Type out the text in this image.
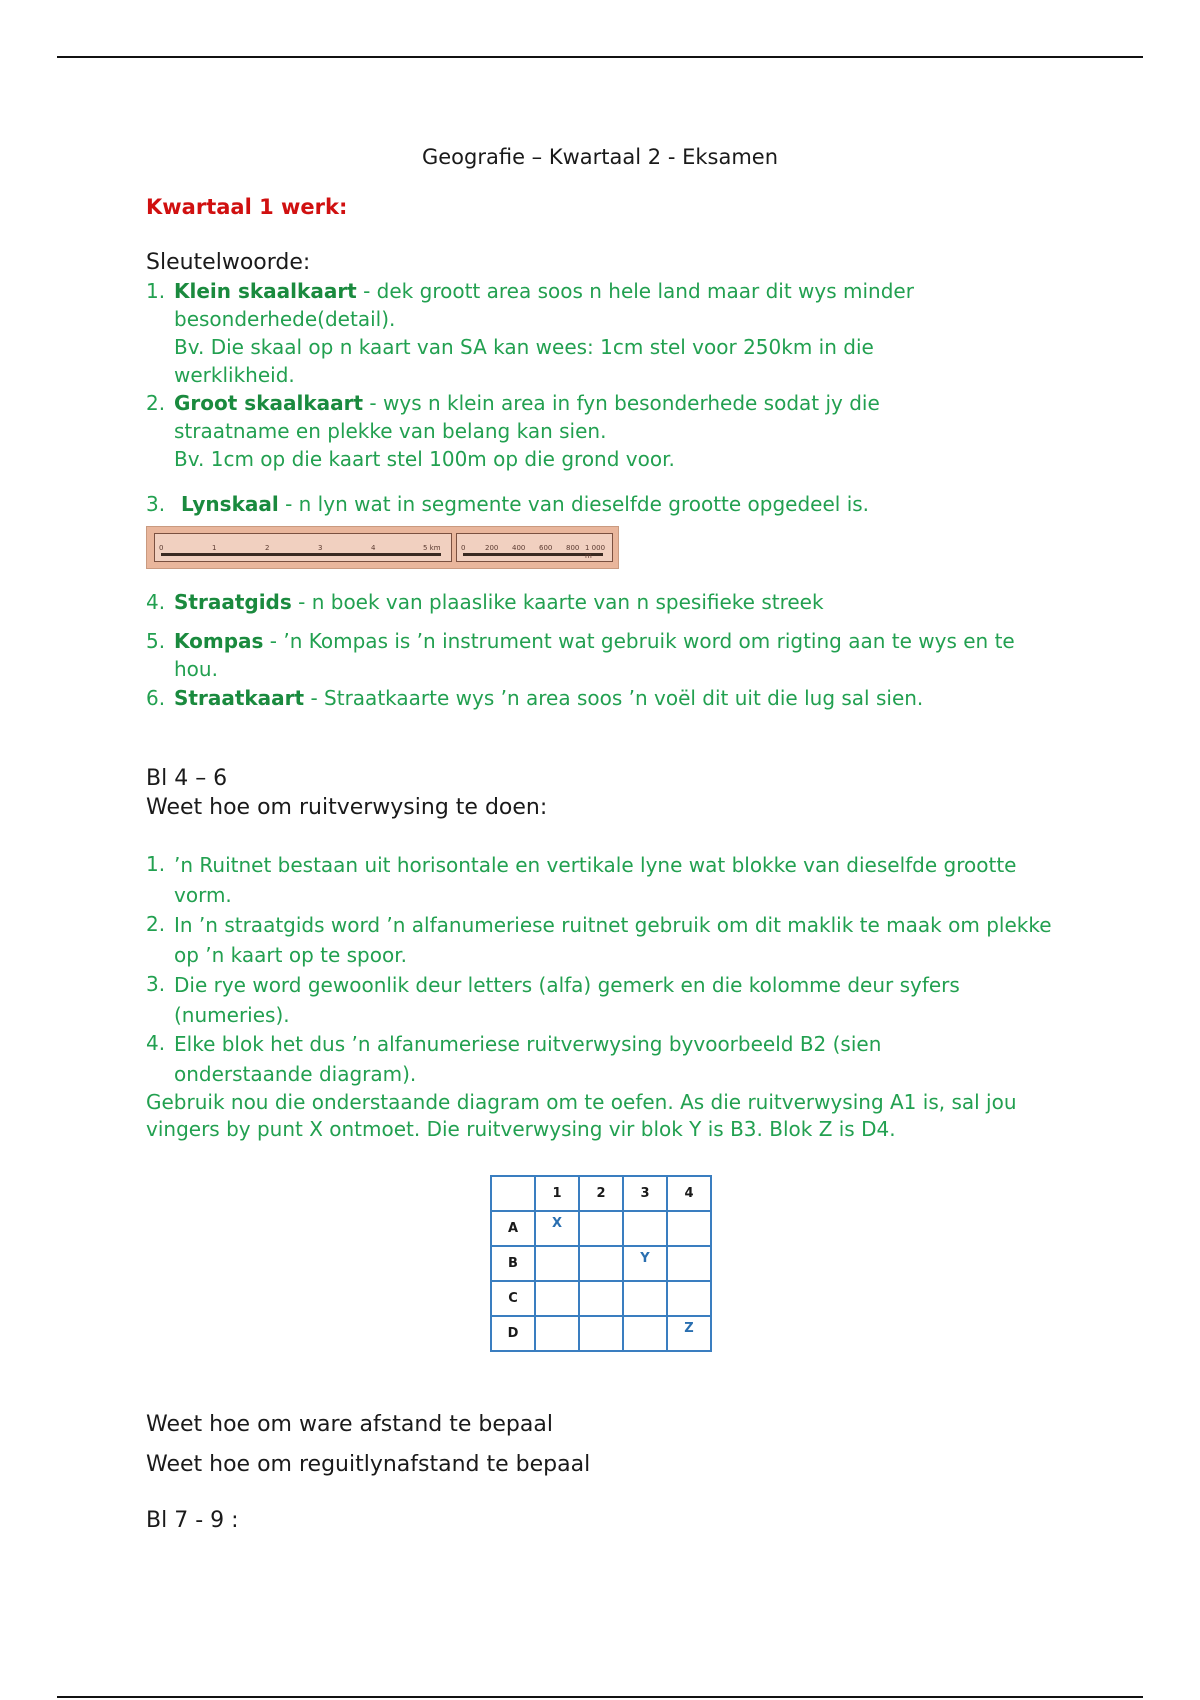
Geografie – Kwartaal 2 - Eksamen
Kwartaal 1 werk:
Sleutelwoorde:
1. Klein skaalkaart - dek groott area soos n hele land maar dit wys minder besonderhede(detail).
Bv. Die skaal op n kaart van SA kan wees: 1cm stel voor 250km in die werklikheid.
2. Groot skaalkaart - wys n klein area in fyn besonderhede sodat jy die straatname en plekke van belang kan sien.
Bv. 1cm op die kaart stel 100m op die grond voor.
3. Lynskaal - n lyn wat in segmente van dieselfde grootte opgedeel is.
0	1	2	3	4	5 km	0	200 400 600 800 1 000 m
4. Straatgids - n boek van plaaslike kaarte van n spesifieke streek
5. Kompas - ’n Kompas is ’n instrument wat gebruik word om rigting aan te wys en te hou.
6. Straatkaart - Straatkaarte wys ’n area soos ’n voël dit uit die lug sal sien.
Bl 4 – 6
Weet hoe om ruitverwysing te doen:
1. ’n Ruitnet bestaan uit horisontale en vertikale lyne wat blokke van dieselfde grootte vorm.
2. In ’n straatgids word ’n alfanumeriese ruitnet gebruik om dit maklik te maak om plekke op ’n kaart op te spoor.
3. Die rye word gewoonlik deur letters (alfa) gemerk en die kolomme deur syfers (numeries).
4. Elke blok het dus ’n alfanumeriese ruitverwysing byvoorbeeld B2 (sien onderstaande diagram).
Gebruik nou die onderstaande diagram om te oefen. As die ruitverwysing A1 is, sal jou vingers by punt X ontmoet. Die ruitverwysing vir blok Y is B3. Blok Z is D4.
	1	2	3	4
A	X			
B			Y	
C				
D				Z
Weet hoe om ware afstand te bepaal
Weet hoe om reguitlynafstand te bepaal
Bl 7 - 9 :
